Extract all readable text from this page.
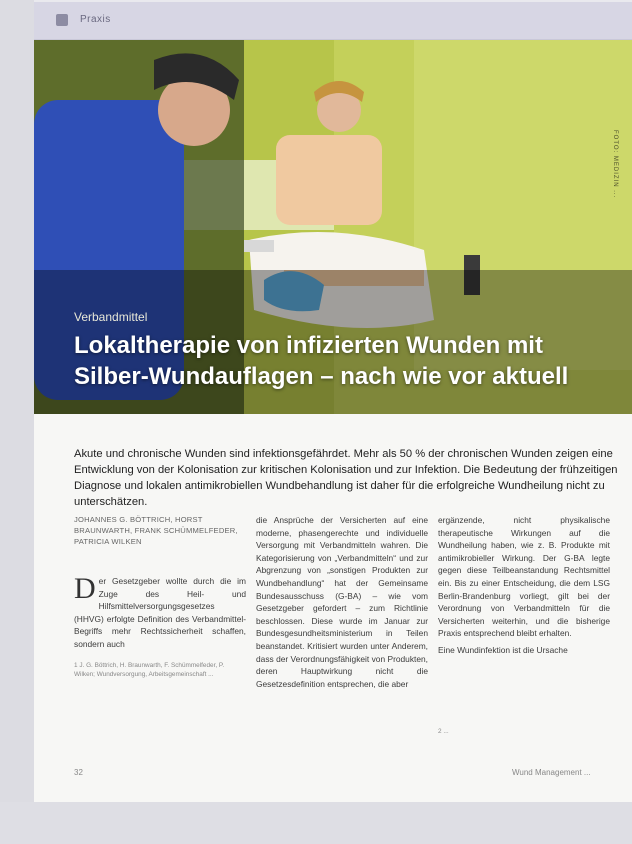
Praxis
Verbandmittel
Lokaltherapie von infizierten Wunden mit Silber-Wundauflagen – nach wie vor aktuell
FOTO: MEDIZIN ...
Akute und chronische Wunden sind infektionsgefährdet. Mehr als 50 % der chronischen Wunden zeigen eine Entwicklung von der Kolonisation zur kritischen Kolonisation und zur Infektion. Die Bedeutung der frühzeitigen Diagnose und lokalen antimikrobiellen Wundbehandlung ist daher für die erfolgreiche Wundheilung nicht zu unterschätzen.
JOHANNES G. BÖTTRICH, HORST BRAUNWARTH, FRANK SCHÜMMELFEDER, PATRICIA WILKEN
D er Gesetzgeber wollte durch die im Zuge des Heil- und Hilfsmittelversorgungsgesetzes (HHVG) erfolgte Definition des Verbandmittel-Begriffs mehr Rechtssicherheit schaffen, sondern auch
1 J. G. Böttrich, H. Braunwarth, F. Schümmelfeder, P. Wilken; Wundversorgung, Arbeitsgemeinschaft ...
die Ansprüche der Versicherten auf eine moderne, phasengerechte und individuelle Versorgung mit Verbandmitteln wahren. Die Kategorisierung von „Verbandmitteln“ und zur Abgrenzung von „sonstigen Produkten zur Wundbehandlung“ hat der Gemeinsame Bundesausschuss (G-BA) – wie vom Gesetzgeber gefordert – zum Richtlinie beschlossen. Diese wurde im Januar zur Bundesgesundheitsministerium in Teilen beanstandet. Kritisiert wurden unter Anderem, dass der Verordnungsfähigkeit von Produkten, deren Hauptwirkung nicht die Gesetzesdefinition entsprechen, die aber
ergänzende, nicht physikalische therapeutische Wirkungen auf die Wundheilung haben, wie z. B. Produkte mit antimikrobieller Wirkung. Der G-BA legte gegen diese Teilbeanstandung Rechtsmittel ein. Bis zu einer Entscheidung, die dem LSG Berlin-Brandenburg vorliegt, gilt bei der Verordnung von Verbandmitteln für die Versicherten weiterhin, und die bisherige Praxis entsprechend bleibt erhalten.
Eine Wundinfektion ist die Ursache
2 ...
32	Wund Management ...
